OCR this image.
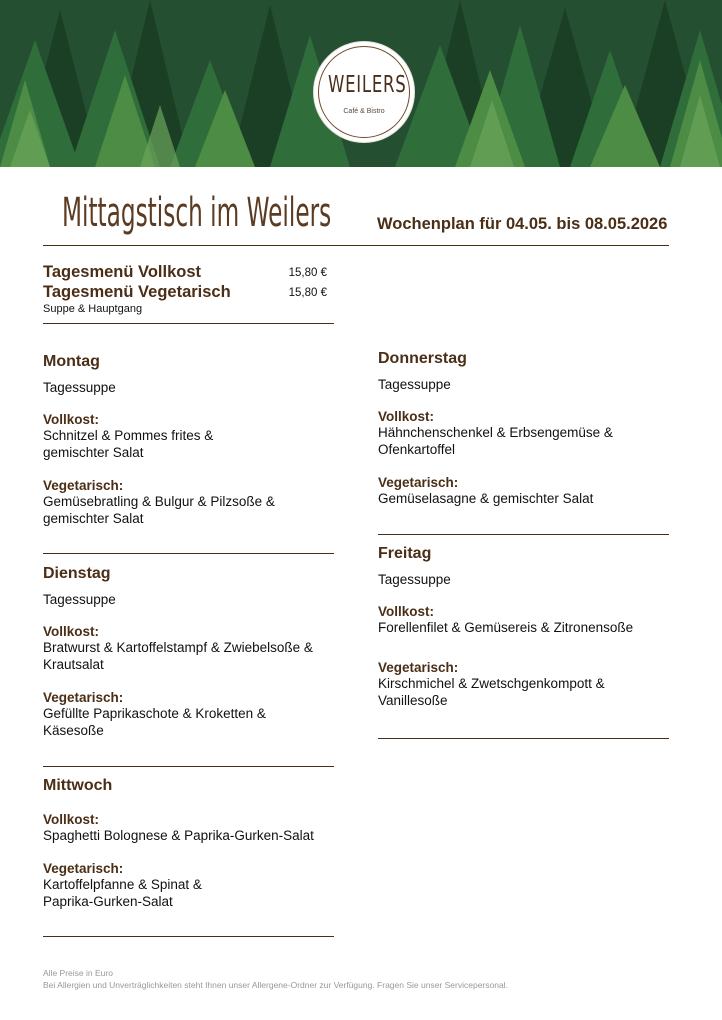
WEILERS
Café & Bistro
Mittagstisch im Weilers	Wochenplan für 04.05. bis 08.05.2026
Tagesmenü Vollkost	15,80 €
Tagesmenü Vegetarisch	15,80 €
Suppe & Hauptgang
Montag
Tagessuppe
Vollkost:
Schnitzel & Pommes frites &
gemischter Salat
Vegetarisch:
Gemüsebratling & Bulgur & Pilzsoße &
gemischter Salat
Dienstag
Tagessuppe
Vollkost:
Bratwurst & Kartoffelstampf & Zwiebelsoße &
Krautsalat
Vegetarisch:
Gefüllte Paprikaschote & Kroketten &
Käsesoße
Mittwoch
Vollkost:
Spaghetti Bolognese & Paprika-Gurken-Salat
Vegetarisch:
Kartoffelpfanne & Spinat &
Paprika-Gurken-Salat
Donnerstag
Tagessuppe
Vollkost:
Hähnchenschenkel & Erbsengemüse &
Ofenkartoffel
Vegetarisch:
Gemüselasagne & gemischter Salat
Freitag
Tagessuppe
Vollkost:
Forellenfilet & Gemüsereis & Zitronensoße
Vegetarisch:
Kirschmichel & Zwetschgenkompott &
Vanillesoße
Alle Preise in Euro
Bei Allergien und Unverträglichkeiten steht Ihnen unser Allergene-Ordner zur Verfügung. Fragen Sie unser Servicepersonal.
